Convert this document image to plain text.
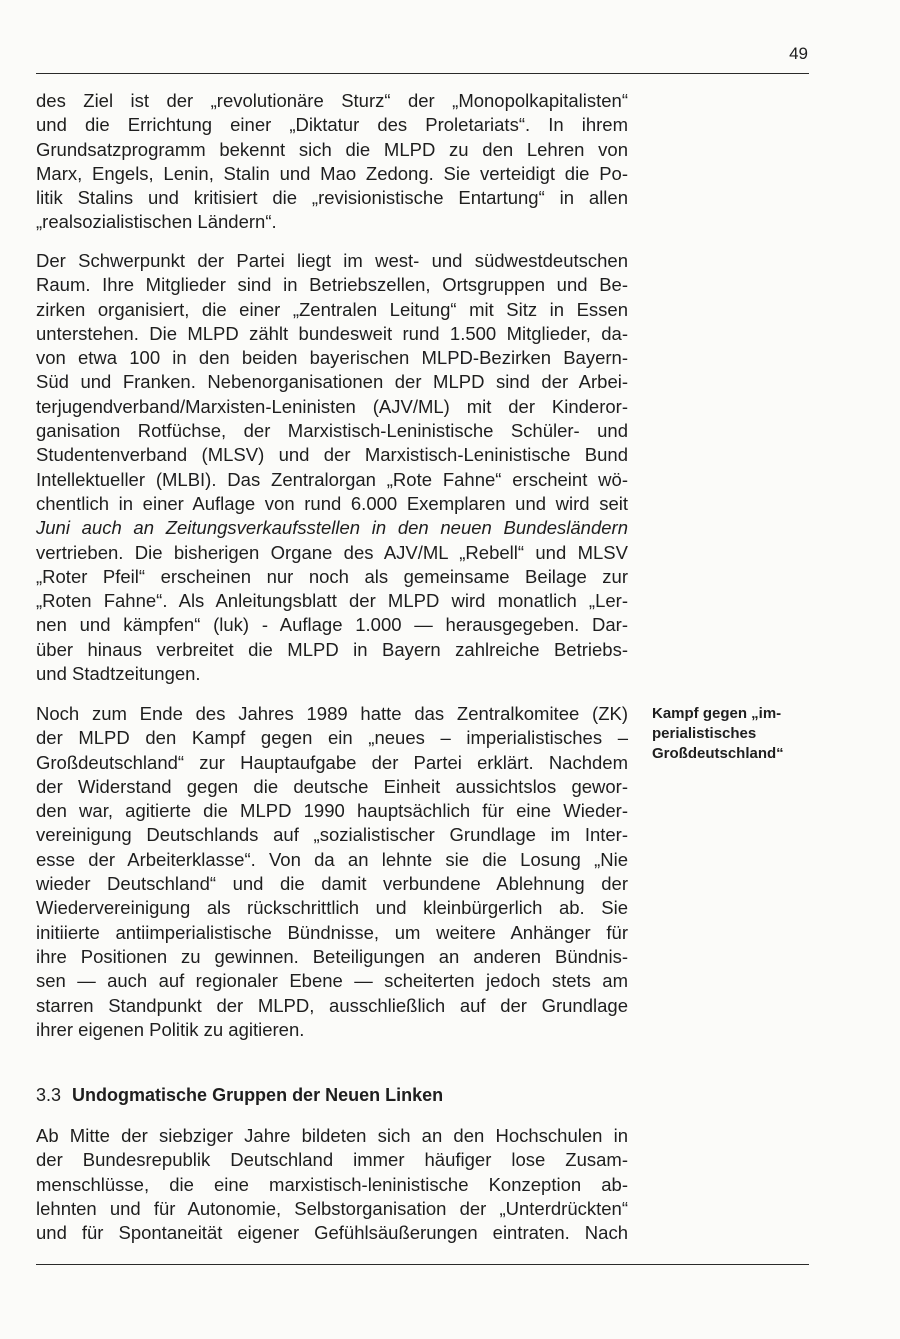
49

des Ziel ist der „revolutionäre Sturz“ der „Monopolkapitalisten“
und die Errichtung einer „Diktatur des Proletariats“. In ihrem
Grundsatzprogramm bekennt sich die MLPD zu den Lehren von
Marx, Engels, Lenin, Stalin und Mao Zedong. Sie verteidigt die Po-
litik Stalins und kritisiert die „revisionistische Entartung“ in allen
„realsozialistischen Ländern“.

Der Schwerpunkt der Partei liegt im west- und südwestdeutschen
Raum. Ihre Mitglieder sind in Betriebszellen, Ortsgruppen und Be-
zirken organisiert, die einer „Zentralen Leitung“ mit Sitz in Essen
unterstehen. Die MLPD zählt bundesweit rund 1.500 Mitglieder, da-
von etwa 100 in den beiden bayerischen MLPD-Bezirken Bayern-
Süd und Franken. Nebenorganisationen der MLPD sind der Arbei-
terjugendverband/Marxisten-Leninisten (AJV/ML) mit der Kinderor-
ganisation Rotfüchse, der Marxistisch-Leninistische Schüler- und
Studentenverband (MLSV) und der Marxistisch-Leninistische Bund
Intellektueller (MLBI). Das Zentralorgan „Rote Fahne“ erscheint wö-
chentlich in einer Auflage von rund 6.000 Exemplaren und wird seit
Juni auch an Zeitungsverkaufsstellen in den neuen Bundesländern
vertrieben. Die bisherigen Organe des AJV/ML „Rebell“ und MLSV
„Roter Pfeil“ erscheinen nur noch als gemeinsame Beilage zur
„Roten Fahne“. Als Anleitungsblatt der MLPD wird monatlich „Ler-
nen und kämpfen“ (luk) - Auflage 1.000 — herausgegeben. Dar-
über hinaus verbreitet die MLPD in Bayern zahlreiche Betriebs-
und Stadtzeitungen.

Noch zum Ende des Jahres 1989 hatte das Zentralkomitee (ZK)
der MLPD den Kampf gegen ein „neues – imperialistisches –
Großdeutschland“ zur Hauptaufgabe der Partei erklärt. Nachdem
der Widerstand gegen die deutsche Einheit aussichtslos gewor-
den war, agitierte die MLPD 1990 hauptsächlich für eine Wieder-
vereinigung Deutschlands auf „sozialistischer Grundlage im Inter-
esse der Arbeiterklasse“. Von da an lehnte sie die Losung „Nie
wieder Deutschland“ und die damit verbundene Ablehnung der
Wiedervereinigung als rückschrittlich und kleinbürgerlich ab. Sie
initiierte antiimperialistische Bündnisse, um weitere Anhänger für
ihre Positionen zu gewinnen. Beteiligungen an anderen Bündnis-
sen — auch auf regionaler Ebene — scheiterten jedoch stets am
starren Standpunkt der MLPD, ausschließlich auf der Grundlage
ihrer eigenen Politik zu agitieren.

Kampf gegen „im-
perialistisches
Großdeutschland“
3.3 Undogmatische Gruppen der Neuen Linken

Ab Mitte der siebziger Jahre bildeten sich an den Hochschulen in
der Bundesrepublik Deutschland immer häufiger lose Zusam-
menschlüsse, die eine marxistisch-leninistische Konzeption ab-
lehnten und für Autonomie, Selbstorganisation der „Unterdrückten“
und für Spontaneität eigener Gefühlsäußerungen eintraten. Nach
